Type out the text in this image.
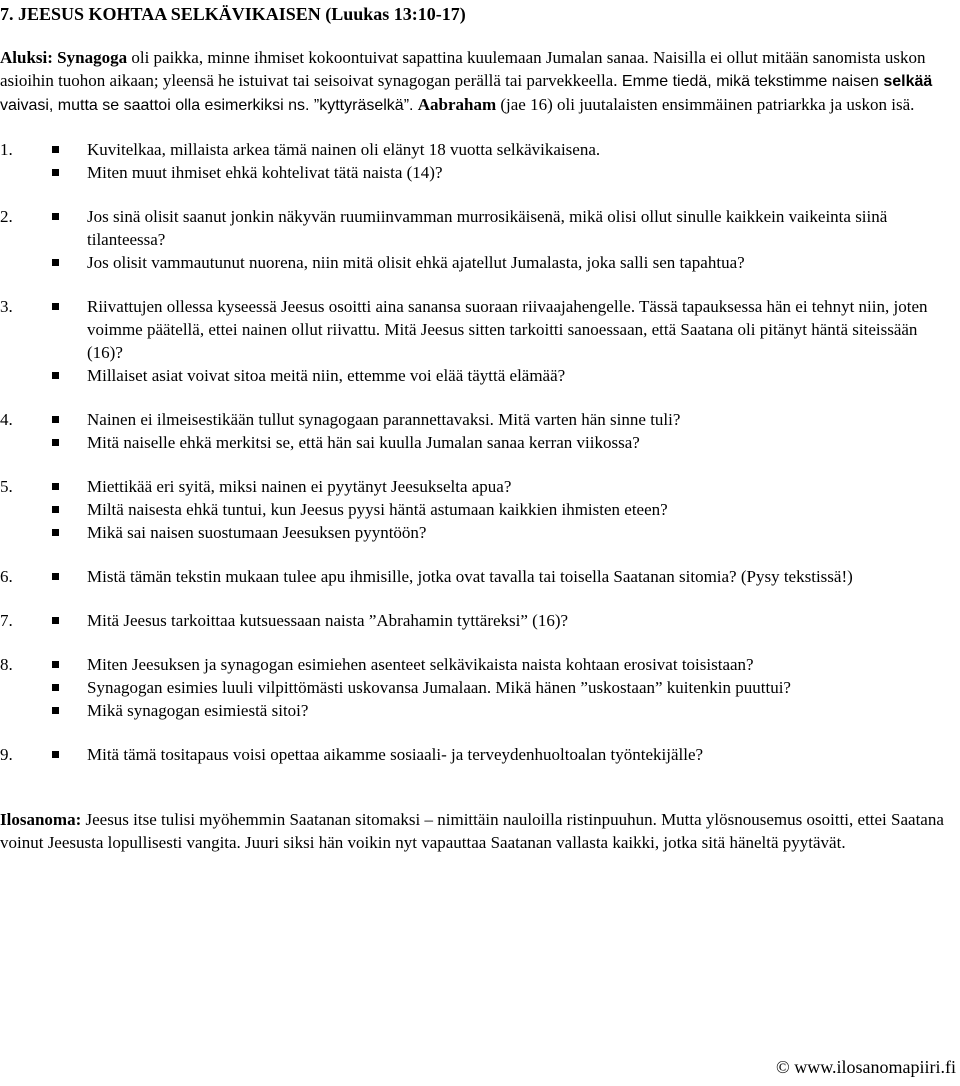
7. JEESUS KOHTAA SELKÄVIKAISEN (Luukas 13:10-17)
Aluksi: Synagoga oli paikka, minne ihmiset kokoontuivat sapattina kuulemaan Jumalan sanaa. Naisilla ei ollut mitään sanomista uskon asioihin tuohon aikaan; yleensä he istuivat tai seisoivat synagogan perällä tai parvekkeella. Emme tiedä, mikä tekstimme naisen selkää vaivasi, mutta se saattoi olla esimerkiksi ns. ”kyttyräselkä”. Aabraham (jae 16) oli juutalaisten ensimmäinen patriarkka ja uskon isä.
1.	Kuvitelkaa, millaista arkea tämä nainen oli elänyt 18 vuotta selkävikaisena.
Miten muut ihmiset ehkä kohtelivat tätä naista (14)?
2.	Jos sinä olisit saanut jonkin näkyvän ruumiinvamman murrosikäisenä, mikä olisi ollut sinulle kaikkein vaikeinta siinä tilanteessa?
Jos olisit vammautunut nuorena, niin mitä olisit ehkä ajatellut Jumalasta, joka salli sen tapahtua?
3.	Riivattujen ollessa kyseessä Jeesus osoitti aina sanansa suoraan riivaajahengelle. Tässä tapauksessa hän ei tehnyt niin, joten voimme päätellä, ettei nainen ollut riivattu. Mitä Jeesus sitten tarkoitti sanoessaan, että Saatana oli pitänyt häntä siteissään (16)?
Millaiset asiat voivat sitoa meitä niin, ettemme voi elää täyttä elämää?
4.	Nainen ei ilmeisestikään tullut synagogaan parannettavaksi. Mitä varten hän sinne tuli?
Mitä naiselle ehkä merkitsi se, että hän sai kuulla Jumalan sanaa kerran viikossa?
5.	Miettikää eri syitä, miksi nainen ei pyytänyt Jeesukselta apua?
Miltä naisesta ehkä tuntui, kun Jeesus pyysi häntä astumaan kaikkien ihmisten eteen?
Mikä sai naisen suostumaan Jeesuksen pyyntöön?
6.	Mistä tämän tekstin mukaan tulee apu ihmisille, jotka ovat tavalla tai toisella Saatanan sitomia? (Pysy tekstissä!)
7.	Mitä Jeesus tarkoittaa kutsuessaan naista ”Abrahamin tyttäreksi” (16)?
8.	Miten Jeesuksen ja synagogan esimiehen asenteet selkävikaista naista kohtaan erosivat toisistaan?
Synagogan esimies luuli vilpittömästi uskovansa Jumalaan. Mikä hänen ”uskostaan” kuitenkin puuttui?
Mikä synagogan esimiestä sitoi?
9.	Mitä tämä tositapaus voisi opettaa aikamme sosiaali- ja terveydenhuoltoalan työntekijälle?
Ilosanoma: Jeesus itse tulisi myöhemmin Saatanan sitomaksi – nimittäin nauloilla ristinpuuhun. Mutta ylösnousemus osoitti, ettei Saatana voinut Jeesusta lopullisesti vangita. Juuri siksi hän voikin nyt vapauttaa Saatanan vallasta kaikki, jotka sitä häneltä pyytävät.
© www.ilosanomapiiri.fi
